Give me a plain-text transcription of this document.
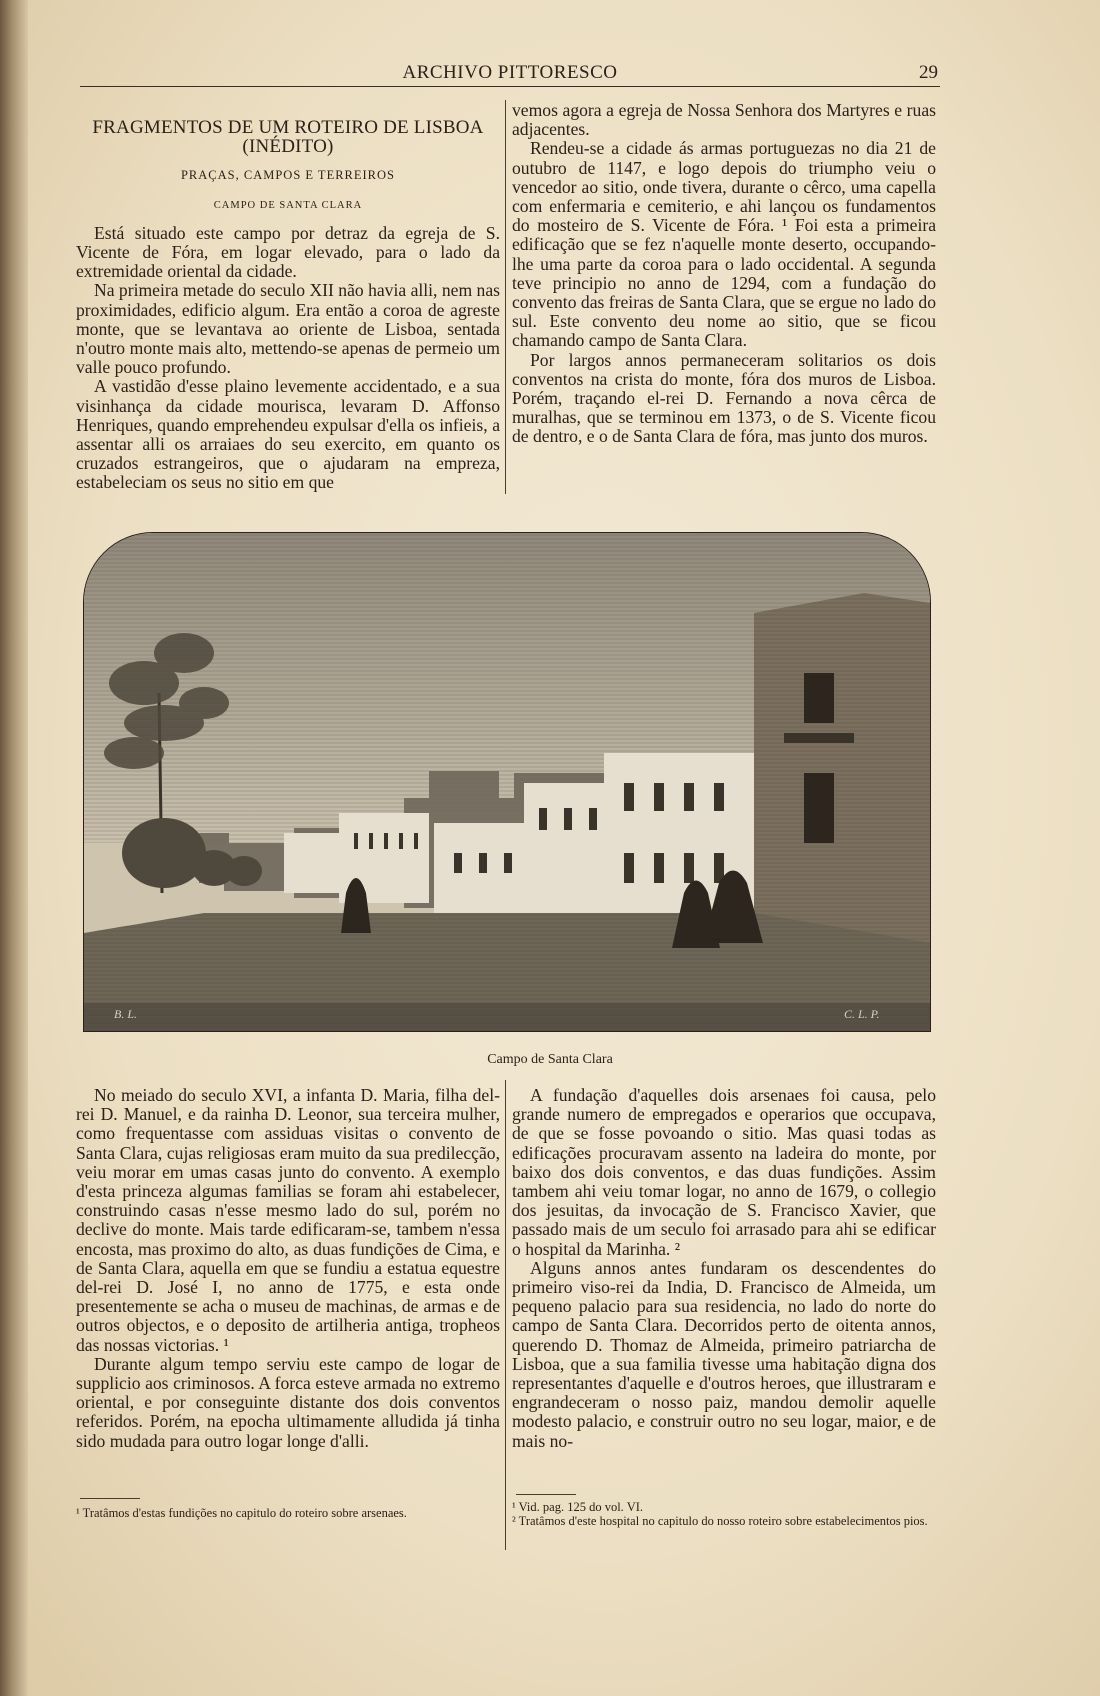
ARCHIVO PITTORESCO	29
FRAGMENTOS DE UM ROTEIRO DE LISBOA (INÉDITO)
PRAÇAS, CAMPOS E TERREIROS
CAMPO DE SANTA CLARA

Está situado este campo por detraz da egreja de S. Vicente de Fóra, em logar elevado, para o lado da extremidade oriental da cidade.

Na primeira metade do seculo XII não havia alli, nem nas proximidades, edificio algum. Era então a coroa de agreste monte, que se levantava ao oriente de Lisboa, sentada n'outro monte mais alto, mettendo-se apenas de permeio um valle pouco profundo.

A vastidão d'esse plaino levemente accidentado, e a sua visinhança da cidade mourisca, levaram D. Affonso Henriques, quando emprehendeu expulsar d'ella os infieis, a assentar alli os arraiaes do seu exercito, em quanto os cruzados estrangeiros, que o ajudaram na empreza, estabeleciam os seus no sitio em que

vemos agora a egreja de Nossa Senhora dos Martyres e ruas adjacentes.

Rendeu-se a cidade ás armas portuguezas no dia 21 de outubro de 1147, e logo depois do triumpho veiu o vencedor ao sitio, onde tivera, durante o cêrco, uma capella com enfermaria e cemiterio, e ahi lançou os fundamentos do mosteiro de S. Vicente de Fóra. ¹ Foi esta a primeira edificação que se fez n'aquelle monte deserto, occupando-lhe uma parte da coroa para o lado occidental. A segunda teve principio no anno de 1294, com a fundação do convento das freiras de Santa Clara, que se ergue no lado do sul. Este convento deu nome ao sitio, que se ficou chamando campo de Santa Clara.

Por largos annos permaneceram solitarios os dois conventos na crista do monte, fóra dos muros de Lisboa. Porém, traçando el-rei D. Fernando a nova cêrca de muralhas, que se terminou em 1373, o de S. Vicente ficou de dentro, e o de Santa Clara de fóra, mas junto dos muros.

B. L.	C. L. P.
Campo de Santa Clara

No meiado do seculo XVI, a infanta D. Maria, filha del-rei D. Manuel, e da rainha D. Leonor, sua terceira mulher, como frequentasse com assiduas visitas o convento de Santa Clara, cujas religiosas eram muito da sua predilecção, veiu morar em umas casas junto do convento. A exemplo d'esta princeza algumas familias se foram ahi estabelecer, construindo casas n'esse mesmo lado do sul, porém no declive do monte. Mais tarde edificaram-se, tambem n'essa encosta, mas proximo do alto, as duas fundições de Cima, e de Santa Clara, aquella em que se fundiu a estatua equestre del-rei D. José I, no anno de 1775, e esta onde presentemente se acha o museu de machinas, de armas e de outros objectos, e o deposito de artilheria antiga, tropheos das nossas victorias. ¹

Durante algum tempo serviu este campo de logar de supplicio aos criminosos. A forca esteve armada no extremo oriental, e por conseguinte distante dos dois conventos referidos. Porém, na epocha ultimamente alludida já tinha sido mudada para outro logar longe d'alli.

A fundação d'aquelles dois arsenaes foi causa, pelo grande numero de empregados e operarios que occupava, de que se fosse povoando o sitio. Mas quasi todas as edificações procuravam assento na ladeira do monte, por baixo dos dois conventos, e das duas fundições. Assim tambem ahi veiu tomar logar, no anno de 1679, o collegio dos jesuitas, da invocação de S. Francisco Xavier, que passado mais de um seculo foi arrasado para ahi se edificar o hospital da Marinha. ²

Alguns annos antes fundaram os descendentes do primeiro viso-rei da India, D. Francisco de Almeida, um pequeno palacio para sua residencia, no lado do norte do campo de Santa Clara. Decorridos perto de oitenta annos, querendo D. Thomaz de Almeida, primeiro patriarcha de Lisboa, que a sua familia tivesse uma habitação digna dos representantes d'aquelle e d'outros heroes, que illustraram e engrandeceram o nosso paiz, mandou demolir aquelle modesto palacio, e construir outro no seu logar, maior, e de mais no-

¹ Tratâmos d'estas fundições no capitulo do roteiro sobre arsenaes.	¹ Vid. pag. 125 do vol. VI.
² Tratâmos d'este hospital no capitulo do nosso roteiro sobre estabelecimentos pios.
